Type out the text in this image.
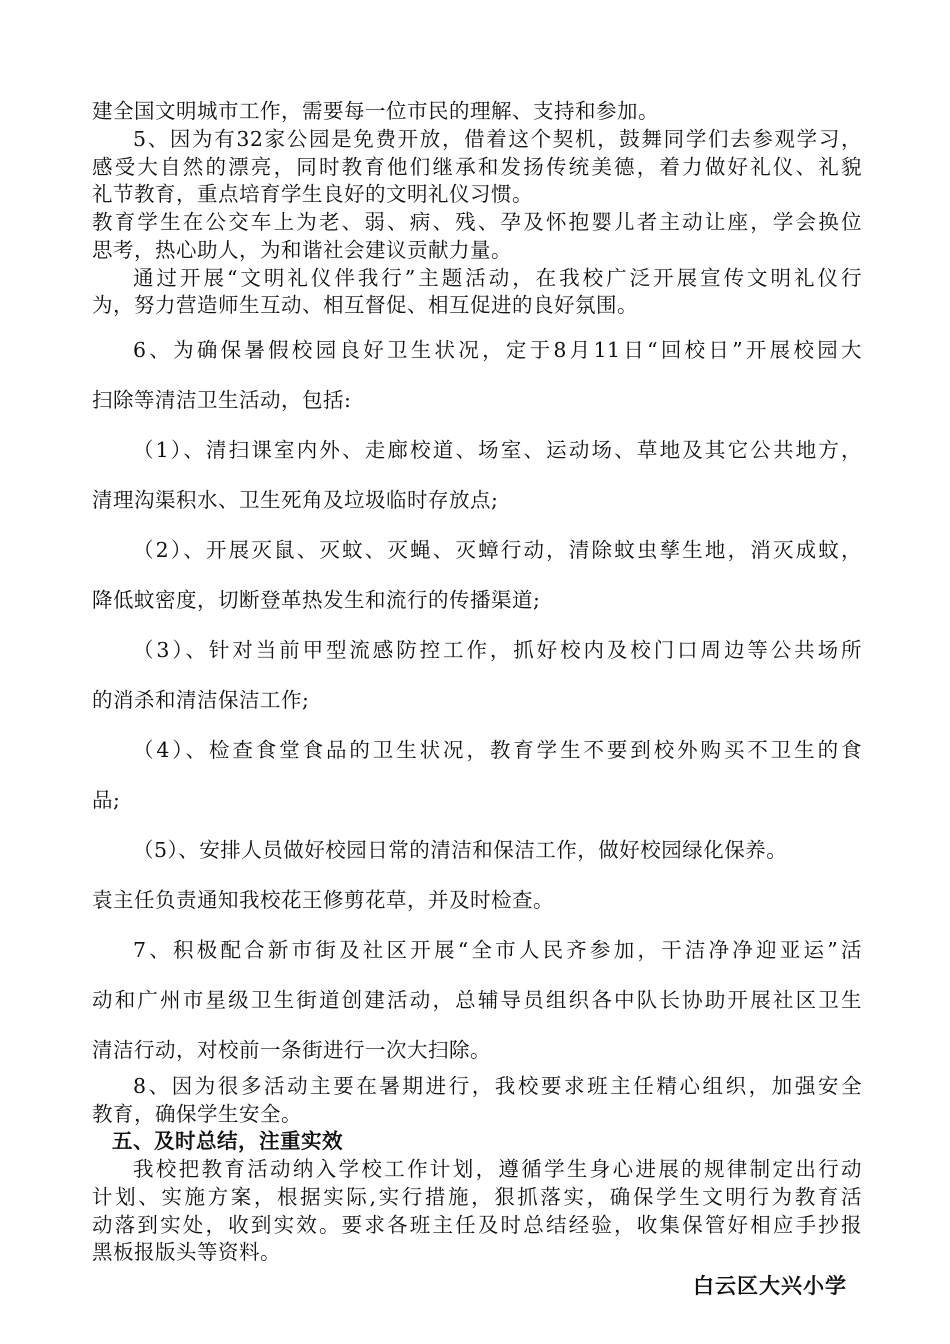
建全国文明城市工作，需要每一位市民的理解、支持和参加。
5、因为有32家公园是免费开放，借着这个契机，鼓舞同学们去参观学习，
感受大自然的漂亮，同时教育他们继承和发扬传统美德，着力做好礼仪、礼貌
礼节教育，重点培育学生良好的文明礼仪习惯。
教育学生在公交车上为老、弱、病、残、孕及怀抱婴儿者主动让座，学会换位
思考，热心助人，为和谐社会建议贡献力量。
通过开展“文明礼仪伴我行”主题活动，在我校广泛开展宣传文明礼仪行
为，努力营造师生互动、相互督促、相互促进的良好氛围。
6、为确保暑假校园良好卫生状况，定于8月11日“回校日”开展校园大
扫除等清洁卫生活动，包括:
（1）、清扫课室内外、走廊校道、场室、运动场、草地及其它公共地方，
清理沟渠积水、卫生死角及垃圾临时存放点;
（2）、开展灭鼠、灭蚊、灭蝇、灭蟑行动，清除蚊虫孳生地，消灭成蚊，
降低蚊密度，切断登革热发生和流行的传播渠道;
（3）、针对当前甲型流感防控工作，抓好校内及校门口周边等公共场所
的消杀和清洁保洁工作;
（4）、检查食堂食品的卫生状况，教育学生不要到校外购买不卫生的食
品;
（5）、安排人员做好校园日常的清洁和保洁工作，做好校园绿化保养。
袁主任负责通知我校花王修剪花草，并及时检查。
7、积极配合新市街及社区开展“全市人民齐参加，干洁净净迎亚运”活
动和广州市星级卫生街道创建活动，总辅导员组织各中队长协助开展社区卫生
清洁行动，对校前一条街进行一次大扫除。
8、因为很多活动主要在暑期进行，我校要求班主任精心组织，加强安全
教育，确保学生安全。
五、及时总结，注重实效
我校把教育活动纳入学校工作计划，遵循学生身心进展的规律制定出行动
计划、实施方案，根据实际,实行措施，狠抓落实，确保学生文明行为教育活
动落到实处，收到实效。要求各班主任及时总结经验，收集保管好相应手抄报
黑板报版头等资料。
白云区大兴小学
